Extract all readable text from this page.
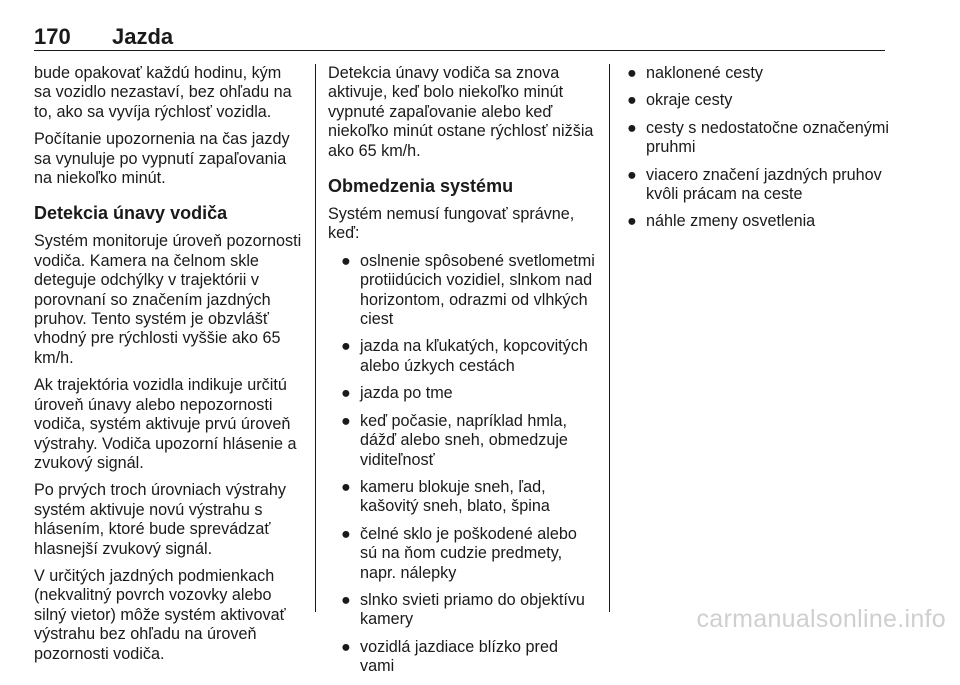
170 Jazda

bude opakovať každú hodinu, kým sa vozidlo nezastaví, bez ohľadu na to, ako sa vyvíja rýchlosť vozidla.

Počítanie upozornenia na čas jazdy sa vynuluje po vypnutí zapaľovania na niekoľko minút.

Detekcia únavy vodiča

Systém monitoruje úroveň pozornosti vodiča. Kamera na čelnom skle deteguje odchýlky v trajektórii v porovnaní so značením jazdných pruhov. Tento systém je obzvlášť vhodný pre rýchlosti vyššie ako 65 km/h.

Ak trajektória vozidla indikuje určitú úroveň únavy alebo nepozornosti vodiča, systém aktivuje prvú úroveň výstrahy. Vodiča upozorní hlásenie a zvukový signál.

Po prvých troch úrovniach výstrahy systém aktivuje novú výstrahu s hlásením, ktoré bude sprevádzať hlasnejší zvukový signál.

V určitých jazdných podmienkach (nekvalitný povrch vozovky alebo silný vietor) môže systém aktivovať výstrahu bez ohľadu na úroveň pozornosti vodiča.

Detekcia únavy vodiča sa znova aktivuje, keď bolo niekoľko minút vypnuté zapaľovanie alebo keď niekoľko minút ostane rýchlosť nižšia ako 65 km/h.

Obmedzenia systému

Systém nemusí fungovať správne, keď:

● oslnenie spôsobené svetlometmi protiidúcich vozidiel, slnkom nad horizontom, odrazmi od vlhkých ciest
● jazda na kľukatých, kopcovitých alebo úzkych cestách
● jazda po tme
● keď počasie, napríklad hmla, dážď alebo sneh, obmedzuje viditeľnosť
● kameru blokuje sneh, ľad, kašovitý sneh, blato, špina
● čelné sklo je poškodené alebo sú na ňom cudzie predmety, napr. nálepky
● slnko svieti priamo do objektívu kamery
● vozidlá jazdiace blízko pred vami
● naklonené cesty
● okraje cesty
● cesty s nedostatočne označenými pruhmi
● viacero značení jazdných pruhov kvôli prácam na ceste
● náhle zmeny osvetlenia
carmanualsonline.info
